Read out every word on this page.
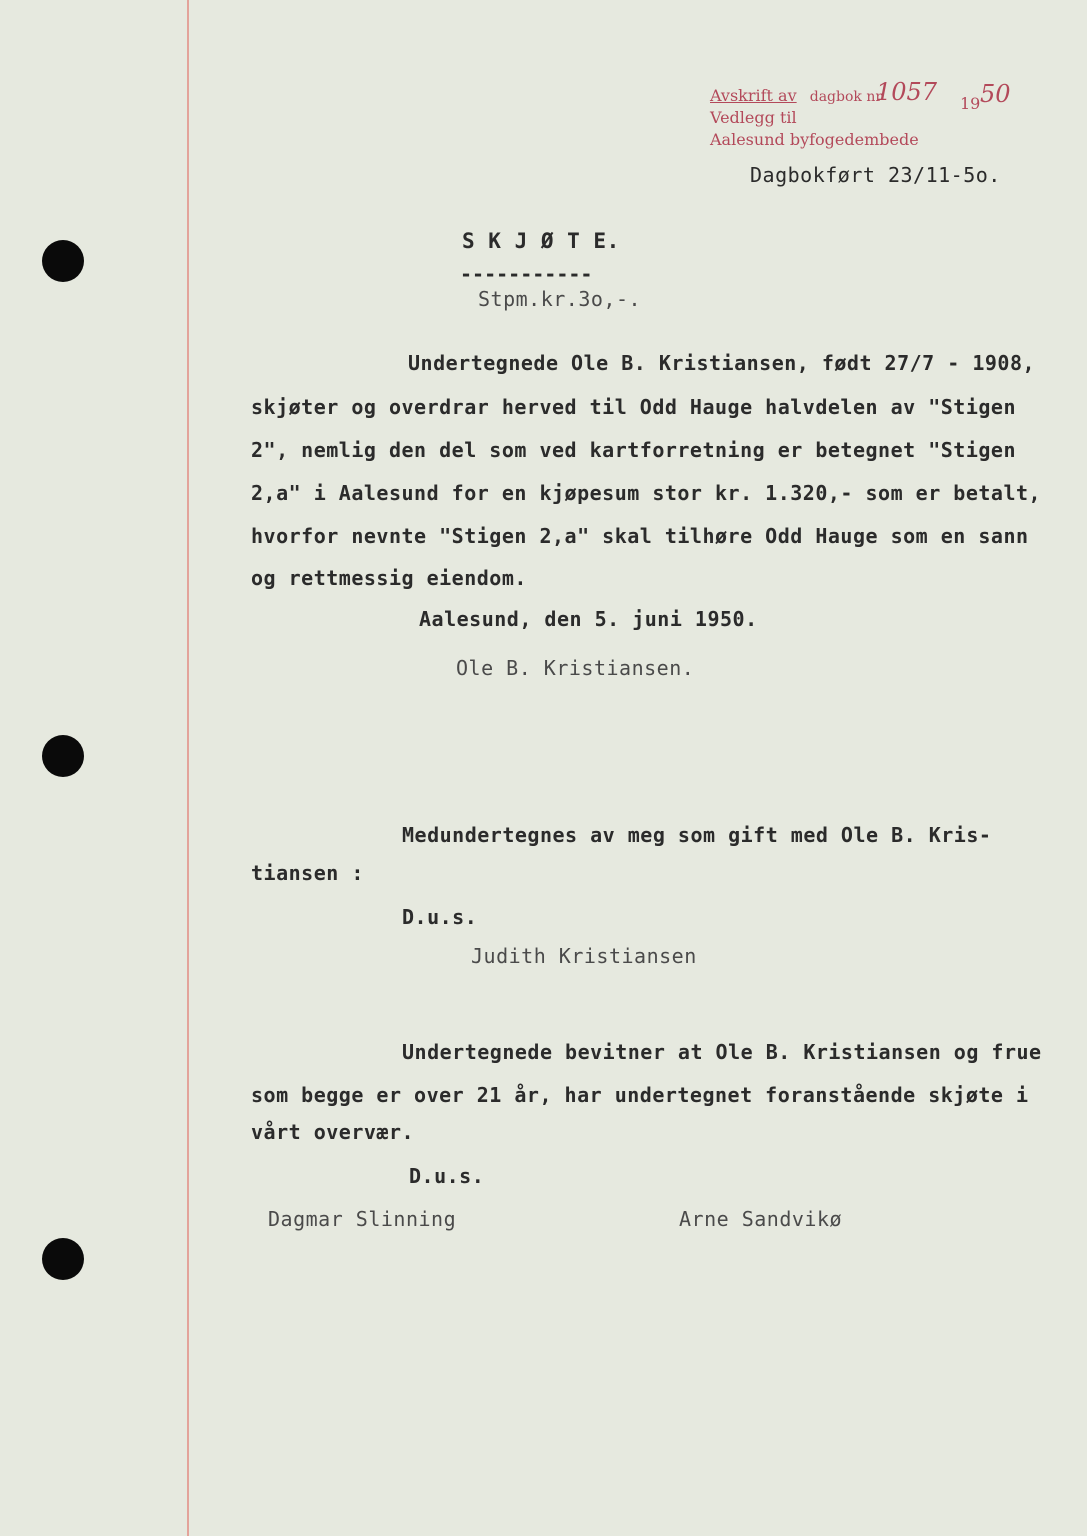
Avskrift av dagbok nr	19
Vedlegg til
Aalesund byfogedembede
1057 50
Dagbokført 23/11-5o.
S K J Ø T E.
-----------
Stpm.kr.3o,-.
Undertegnede Ole B. Kristiansen, født 27/7 - 1908,
skjøter og overdrar herved til Odd Hauge halvdelen av "Stigen
2", nemlig den del som ved kartforretning er betegnet "Stigen
2,a" i Aalesund for en kjøpesum stor kr. 1.320,- som er betalt,
hvorfor nevnte "Stigen 2,a" skal tilhøre Odd Hauge som en sann
og rettmessig eiendom.
Aalesund, den 5. juni 1950.
Ole B. Kristiansen.
Medundertegnes av meg som gift med Ole B. Kris-
tiansen :
D.u.s.
Judith Kristiansen
Undertegnede bevitner at Ole B. Kristiansen og frue
som begge er over 21 år, har undertegnet foranstående skjøte i
vårt overvær.
D.u.s.
Dagmar Slinning	Arne Sandvikø
